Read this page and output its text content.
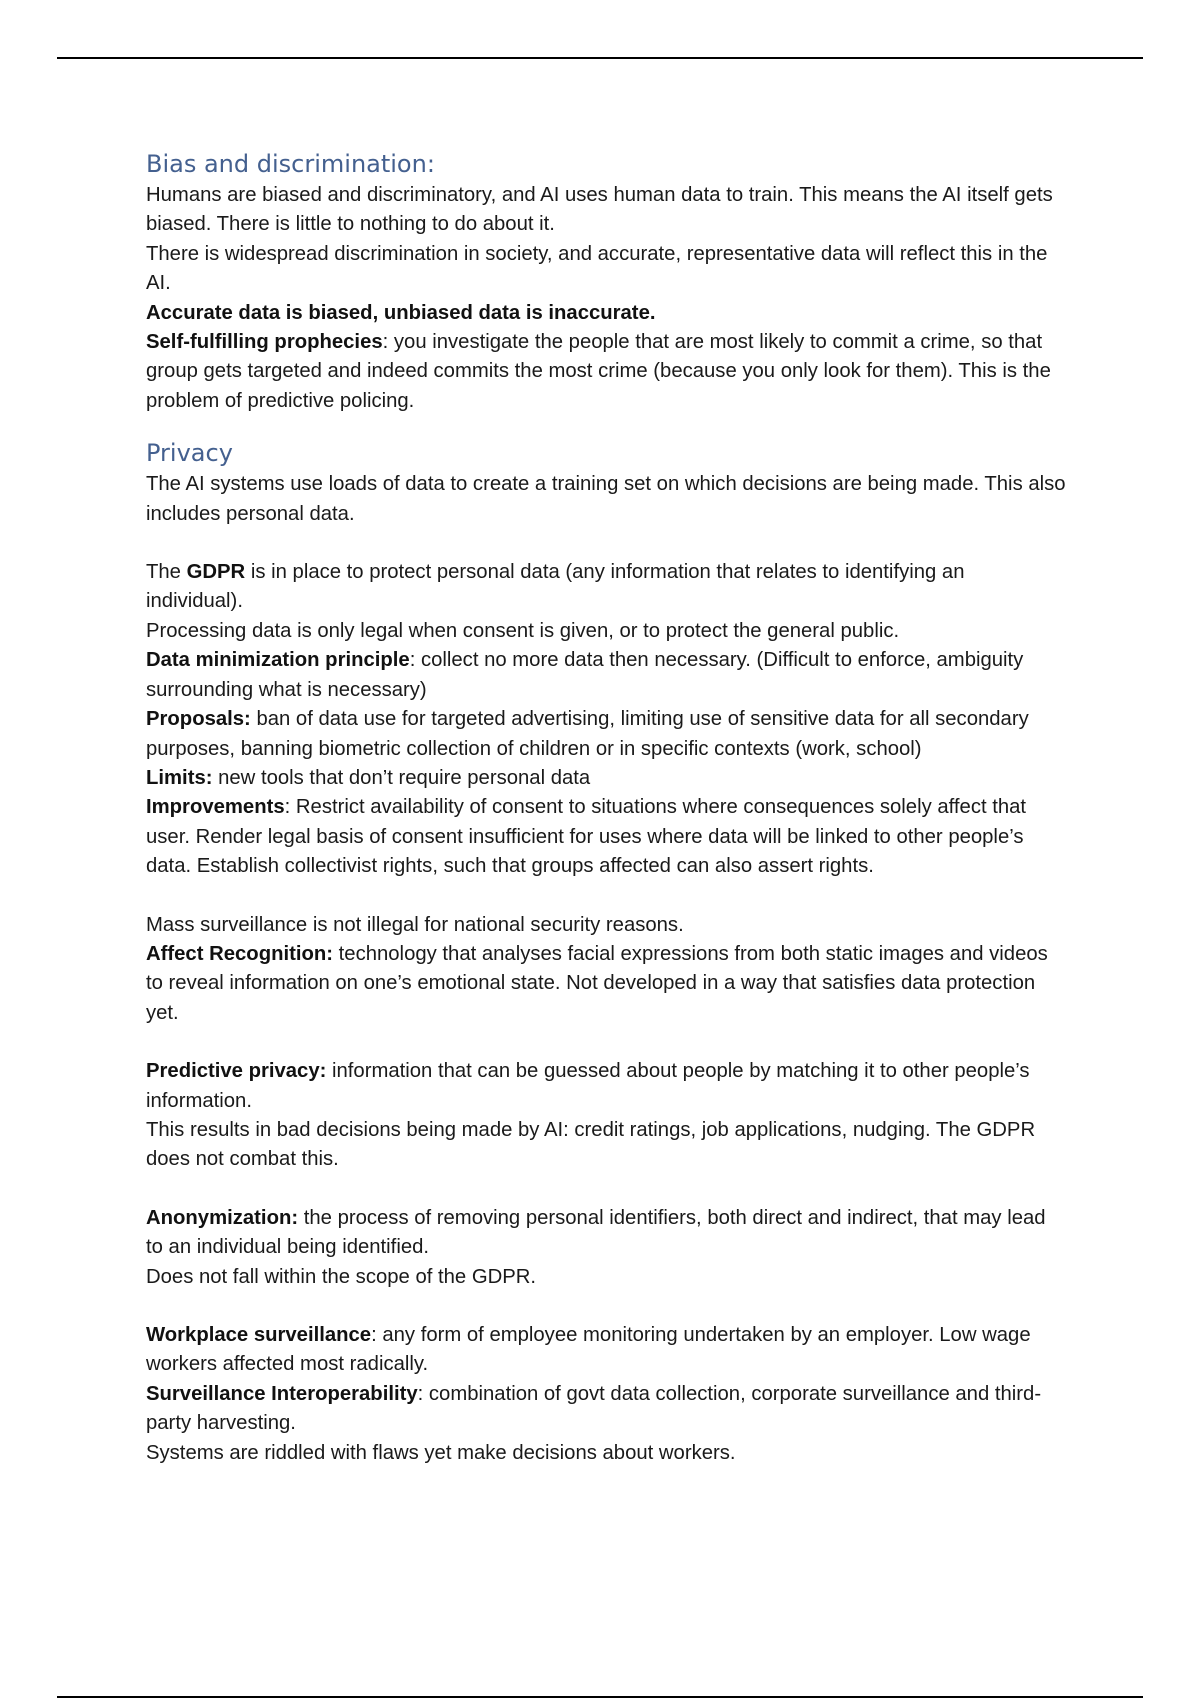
Bias and discrimination:

Humans are biased and discriminatory, and AI uses human data to train. This means the AI itself gets biased. There is little to nothing to do about it.

There is widespread discrimination in society, and accurate, representative data will reflect this in the AI.

Accurate data is biased, unbiased data is inaccurate.

Self-fulfilling prophecies: you investigate the people that are most likely to commit a crime, so that group gets targeted and indeed commits the most crime (because you only look for them). This is the problem of predictive policing.

Privacy

The AI systems use loads of data to create a training set on which decisions are being made. This also includes personal data.

The GDPR is in place to protect personal data (any information that relates to identifying an individual).

Processing data is only legal when consent is given, or to protect the general public.

Data minimization principle: collect no more data then necessary. (Difficult to enforce, ambiguity surrounding what is necessary)

Proposals: ban of data use for targeted advertising, limiting use of sensitive data for all secondary purposes, banning biometric collection of children or in specific contexts (work, school)

Limits: new tools that don’t require personal data

Improvements: Restrict availability of consent to situations where consequences solely affect that user. Render legal basis of consent insufficient for uses where data will be linked to other people’s data. Establish collectivist rights, such that groups affected can also assert rights.

Mass surveillance is not illegal for national security reasons.

Affect Recognition: technology that analyses facial expressions from both static images and videos to reveal information on one’s emotional state. Not developed in a way that satisfies data protection yet.

Predictive privacy: information that can be guessed about people by matching it to other people’s information.

This results in bad decisions being made by AI: credit ratings, job applications, nudging. The GDPR does not combat this.

Anonymization: the process of removing personal identifiers, both direct and indirect, that may lead to an individual being identified.

Does not fall within the scope of the GDPR.

Workplace surveillance: any form of employee monitoring undertaken by an employer. Low wage workers affected most radically.

Surveillance Interoperability: combination of govt data collection, corporate surveillance and third-party harvesting.

Systems are riddled with flaws yet make decisions about workers.
